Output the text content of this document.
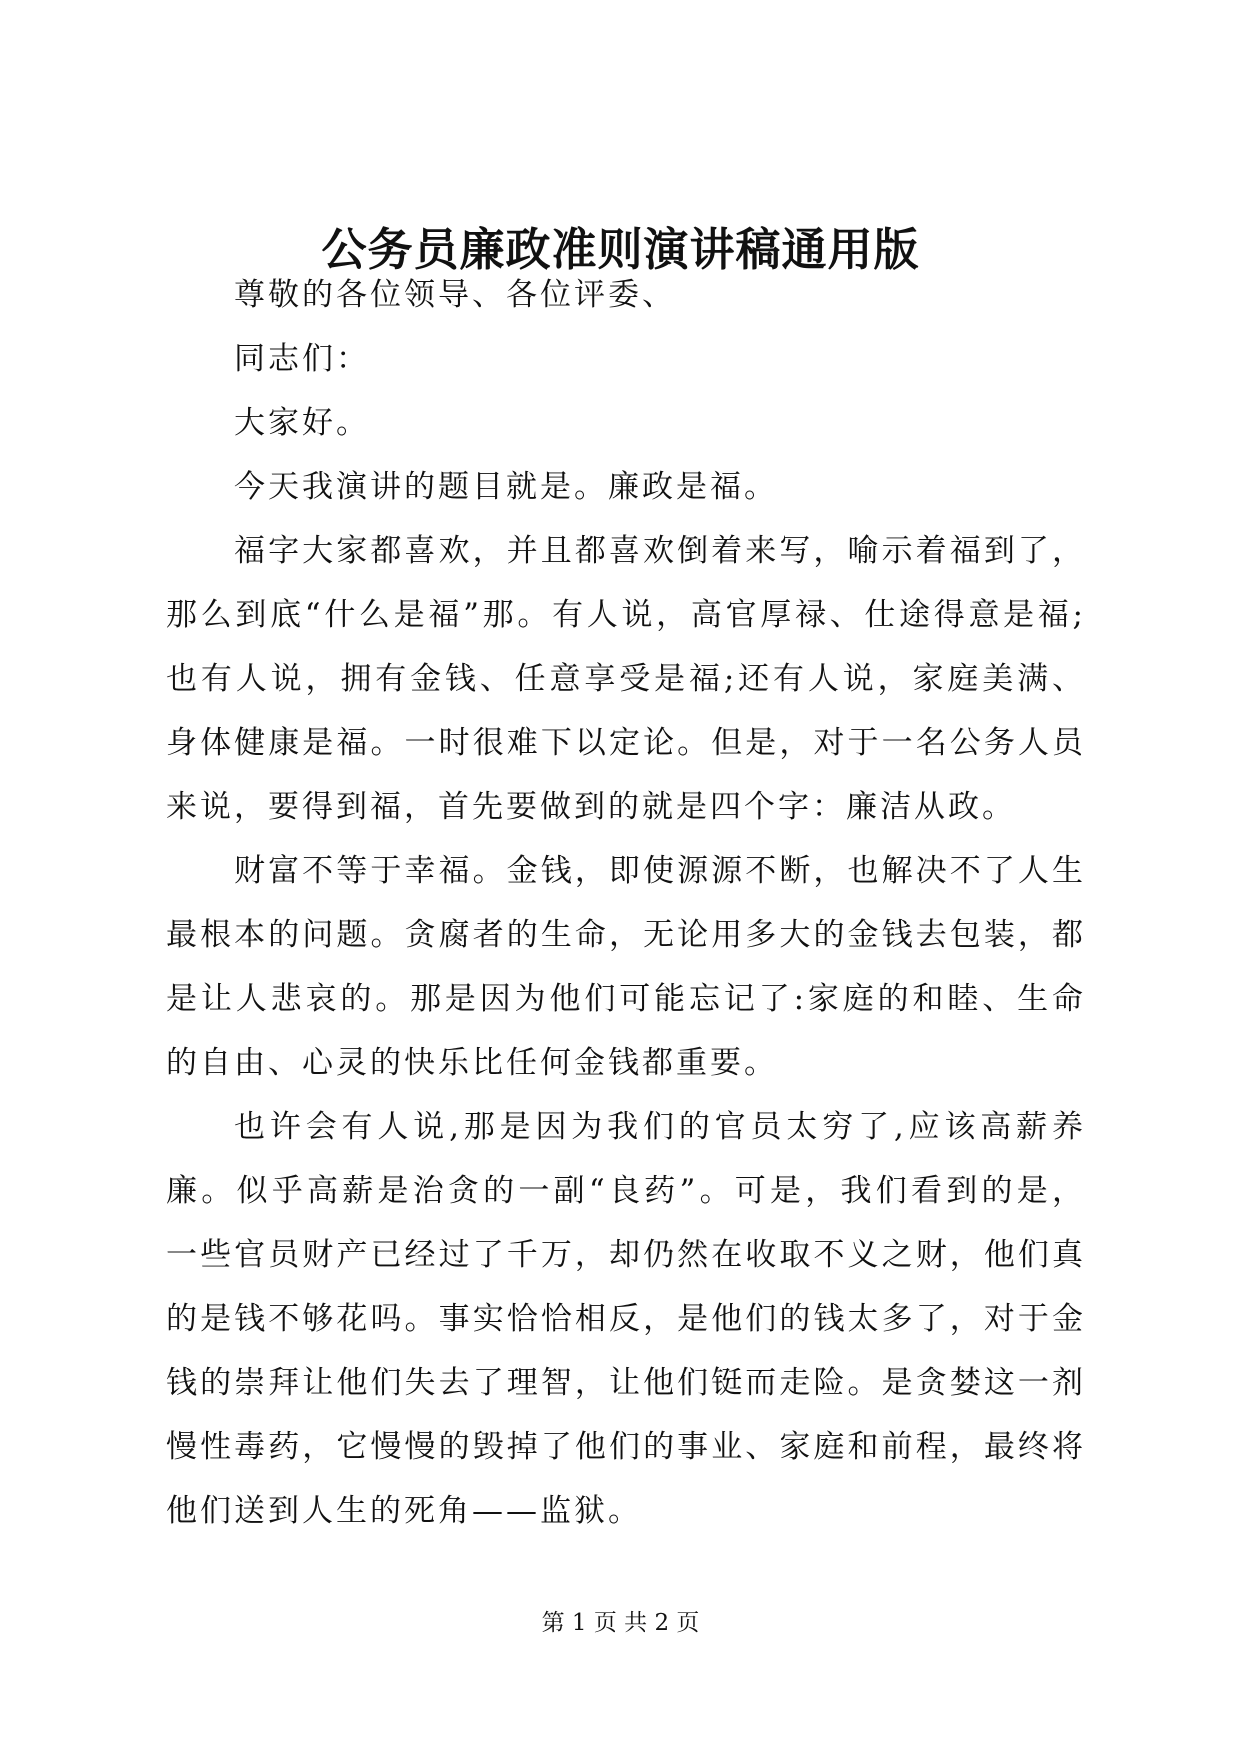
公务员廉政准则演讲稿通用版

尊敬的各位领导、各位评委、

同志们：

大家好。

今天我演讲的题目就是。廉政是福。

福字大家都喜欢，并且都喜欢倒着来写，喻示着福到了，那么到底“什么是福”那。有人说，高官厚禄、仕途得意是福;也有人说，拥有金钱、任意享受是福;还有人说，家庭美满、身体健康是福。一时很难下以定论。但是，对于一名公务人员来说，要得到福，首先要做到的就是四个字：廉洁从政。

财富不等于幸福。金钱，即使源源不断，也解决不了人生最根本的问题。贪腐者的生命，无论用多大的金钱去包装，都是让人悲哀的。那是因为他们可能忘记了:家庭的和睦、生命的自由、心灵的快乐比任何金钱都重要。

也许会有人说,那是因为我们的官员太穷了,应该高薪养廉。似乎高薪是治贪的一副“良药”。可是，我们看到的是，一些官员财产已经过了千万，却仍然在收取不义之财，他们真的是钱不够花吗。事实恰恰相反，是他们的钱太多了，对于金钱的崇拜让他们失去了理智，让他们铤而走险。是贪婪这一剂慢性毒药，它慢慢的毁掉了他们的事业、家庭和前程，最终将他们送到人生的死角——监狱。

第 1 页 共 2 页
